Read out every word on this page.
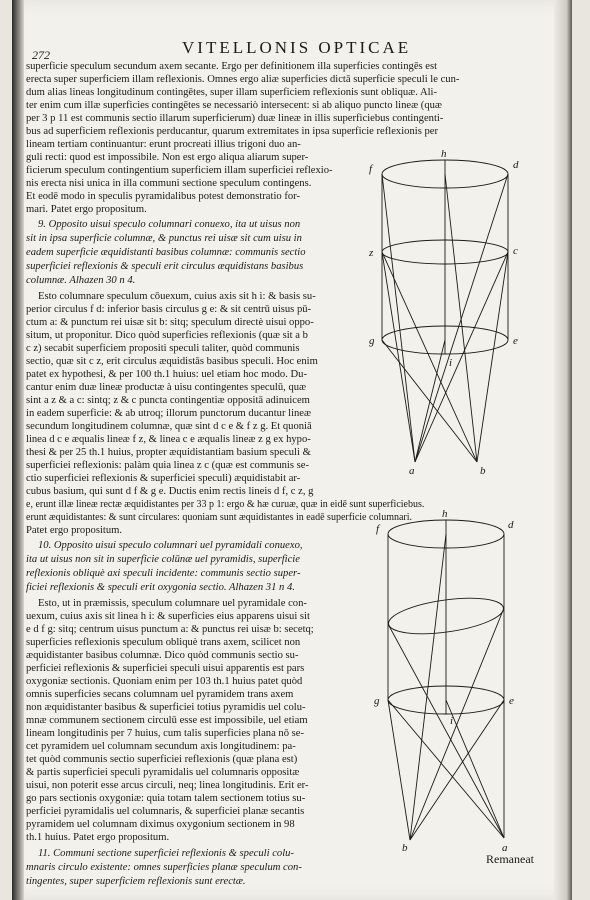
272	VITELLONIS OPTICAE
superficie speculum secundum axem secante. Ergo per definitionem illa superficies contingēs est
erecta super superficiem illam reflexionis. Omnes ergo aliæ superficies dictā superficie speculi le cun-
dum alias lineas longitudinum contingētes, super illam superficiem reflexionis sunt obliquæ. Ali-
ter enim cum illæ superficies contingētes se necessariò intersecent: si ab aliquo puncto lineæ (quæ
per 3 p 11 est communis sectio illarum superficierum) duæ lineæ in illis superficiebus contingenti-
bus ad superficiem reflexionis perducantur, quarum extremitates in ipsa superficie reflexionis per
lineam tertiam continuantur: erunt procreati illius trigoni duo an-
guli recti: quod est impossibile. Non est ergo aliqua aliarum super-
ficierum speculum contingentium superficiem illam superficiei reflexio-
nis erecta nisi unica in illa communi sectione speculum contingens.
Et eodē modo in speculis pyramidalibus potest demonstratio for-
mari. Patet ergo propositum.
9. Opposito uisui speculo columnari conuexo, ita ut uisus non
sit in ipsa superficie columnæ, & punctus rei uisæ sit cum uisu in
eadem superficie æquidistanti basibus columnæ: communis sectio
superficiei reflexionis & speculi erit circulus æquidistans basibus
columnæ. Alhazen 30 n 4.
Esto columnare speculum cōuexum, cuius axis sit h i: & basis su-
perior circulus f d: inferior basis circulus g e: & sit centrū uisus pū-
ctum a: & punctum rei uisæ sit b: sitq; speculum directè uisui oppo-
situm, ut proponitur. Dico quòd superficies reflexionis (quæ sit a b
c z) secabit superficiem propositi speculi taliter, quòd communis
sectio, quæ sit c z, erit circulus æquidistās basibus speculi. Hoc enim
patet ex hypothesi, & per 100 th.1 huius: uel etiam hoc modo. Du-
cantur enim duæ lineæ productæ à uisu contingentes speculū, quæ
sint a z & a c: sintq; z & c puncta contingentiæ oppositā adinuicem
in eadem superficie: & ab utroq; illorum punctorum ducantur lineæ
secundum longitudinem columnæ, quæ sint d c e & f z g. Et quoniā
linea d c e æqualis lineæ f z, & linea c e æqualis lineæ z g ex hypo-
thesi & per 25 th.1 huius, propter æquidistantiam basium speculi &
superficiei reflexionis: palàm quia linea z c (quæ est communis se-
ctio superficiei reflexionis & superficiei speculi) æquidistabit ar-
cubus basium, qui sunt d f & g e. Ductis enim rectis lineis d f, c z, g
e, erunt illæ lineæ rectæ æquidistantes per 33 p 1: ergo & hæ curuæ, quæ in eidē sunt superficiebus.
erunt æquidistantes: & sunt circulares: quoniam sunt æquidistantes in eadē superficie columnari.
Patet ergo propositum.
10. Opposito uisui speculo columnari uel pyramidali conuexo,
ita ut uisus non sit in superficie colūnæ uel pyramidis, superficie
reflexionis obliquè axi speculi incidente: communis sectio super-
ficiei reflexionis & speculi erit oxygonia sectio. Alhazen 31 n 4.
Esto, ut in præmissis, speculum columnare uel pyramidale con-
uexum, cuius axis sit linea h i: & superficies eius apparens uisui sit
e d f g: sitq; centrum uisus punctum a: & punctus rei uisæ b: secetq;
superficies reflexionis speculum obliquè trans axem, scilicet non
æquidistanter basibus columnæ. Dico quòd communis sectio su-
perficiei reflexionis & superficiei speculi uisui apparentis est pars
oxygoniæ sectionis. Quoniam enim per 103 th.1 huius patet quòd
omnis superficies secans columnam uel pyramidem trans axem
non æquidistanter basibus & superficiei totius pyramidis uel colu-
mnæ communem sectionem circulū esse est impossibile, uel etiam
lineam longitudinis per 7 huius, cum talis superficies plana nō se-
cet pyramidem uel columnam secundum axis longitudinem: pa-
tet quòd communis sectio superficiei reflexionis (quæ plana est)
& partis superficiei speculi pyramidalis uel columnaris oppositæ
uisui, non poterit esse arcus circuli, neq; linea longitudinis. Erit er-
go pars sectionis oxygoniæ: quia totam talem sectionem totius su-
perficiei pyramidalis uel columnaris, & superficiei planæ secantis
pyramidem uel columnam diximus oxygonium sectionem in 98
th.1 huius. Patet ergo propositum.
11. Communi sectione superficiei reflexionis & speculi colu-
mnaris circulo existente: omnes superficies planæ speculum con-
tingentes, super superficiem reflexionis sunt erectæ.
Remaneat
h
d
f
z	c
g	e
i
a	b
h
d
f
g	e
i
a
b
